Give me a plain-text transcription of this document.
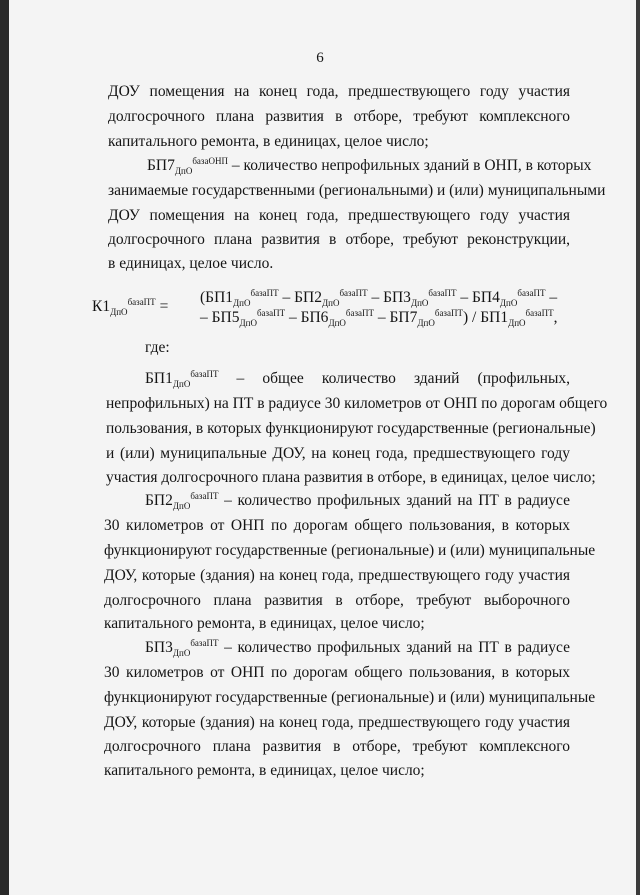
6
ДОУ помещения на конец года, предшествующего году участия
долгосрочного плана развития в отборе, требуют комплексного
капитального ремонта, в единицах, целое число;
$БП7_{ДпО}^{базаОНП}$ – количество непрофильных зданий в ОНП, в которых
занимаемые государственными (региональными) и (или) муниципальными
ДОУ помещения на конец года, предшествующего году участия
долгосрочного плана развития в отборе, требуют реконструкции,
в единицах, целое число.
$К1_{ДпО}^{базаПТ}$ =
($БП1_{ДпО}^{базаПТ} - БП2_{ДпО}^{базаПТ} - БП3_{ДпО}^{базаПТ} - БП4_{ДпО}^{базаПТ}$ –
– $БП5_{ДпО}^{базаПТ} - БП6_{ДпО}^{базаПТ} - БП7_{ДпО}^{базаПТ}) / БП1_{ДпО}^{базаПТ}$,
где:
$БП1_{ДпО}^{базаПТ}$ – общее количество зданий (профильных,
непрофильных) на ПТ в радиусе 30 километров от ОНП по дорогам общего
пользования, в которых функционируют государственные (региональные)
и (или) муниципальные ДОУ, на конец года, предшествующего году
участия долгосрочного плана развития в отборе, в единицах, целое число;
$БП2_{ДпО}^{базаПТ}$ – количество профильных зданий на ПТ в радиусе
30 километров от ОНП по дорогам общего пользования, в которых
функционируют государственные (региональные) и (или) муниципальные
ДОУ, которые (здания) на конец года, предшествующего году участия
долгосрочного плана развития в отборе, требуют выборочного
капитального ремонта, в единицах, целое число;
$БП3_{ДпО}^{базаПТ}$ – количество профильных зданий на ПТ в радиусе
30 километров от ОНП по дорогам общего пользования, в которых
функционируют государственные (региональные) и (или) муниципальные
ДОУ, которые (здания) на конец года, предшествующего году участия
долгосрочного плана развития в отборе, требуют комплексного
капитального ремонта, в единицах, целое число;
